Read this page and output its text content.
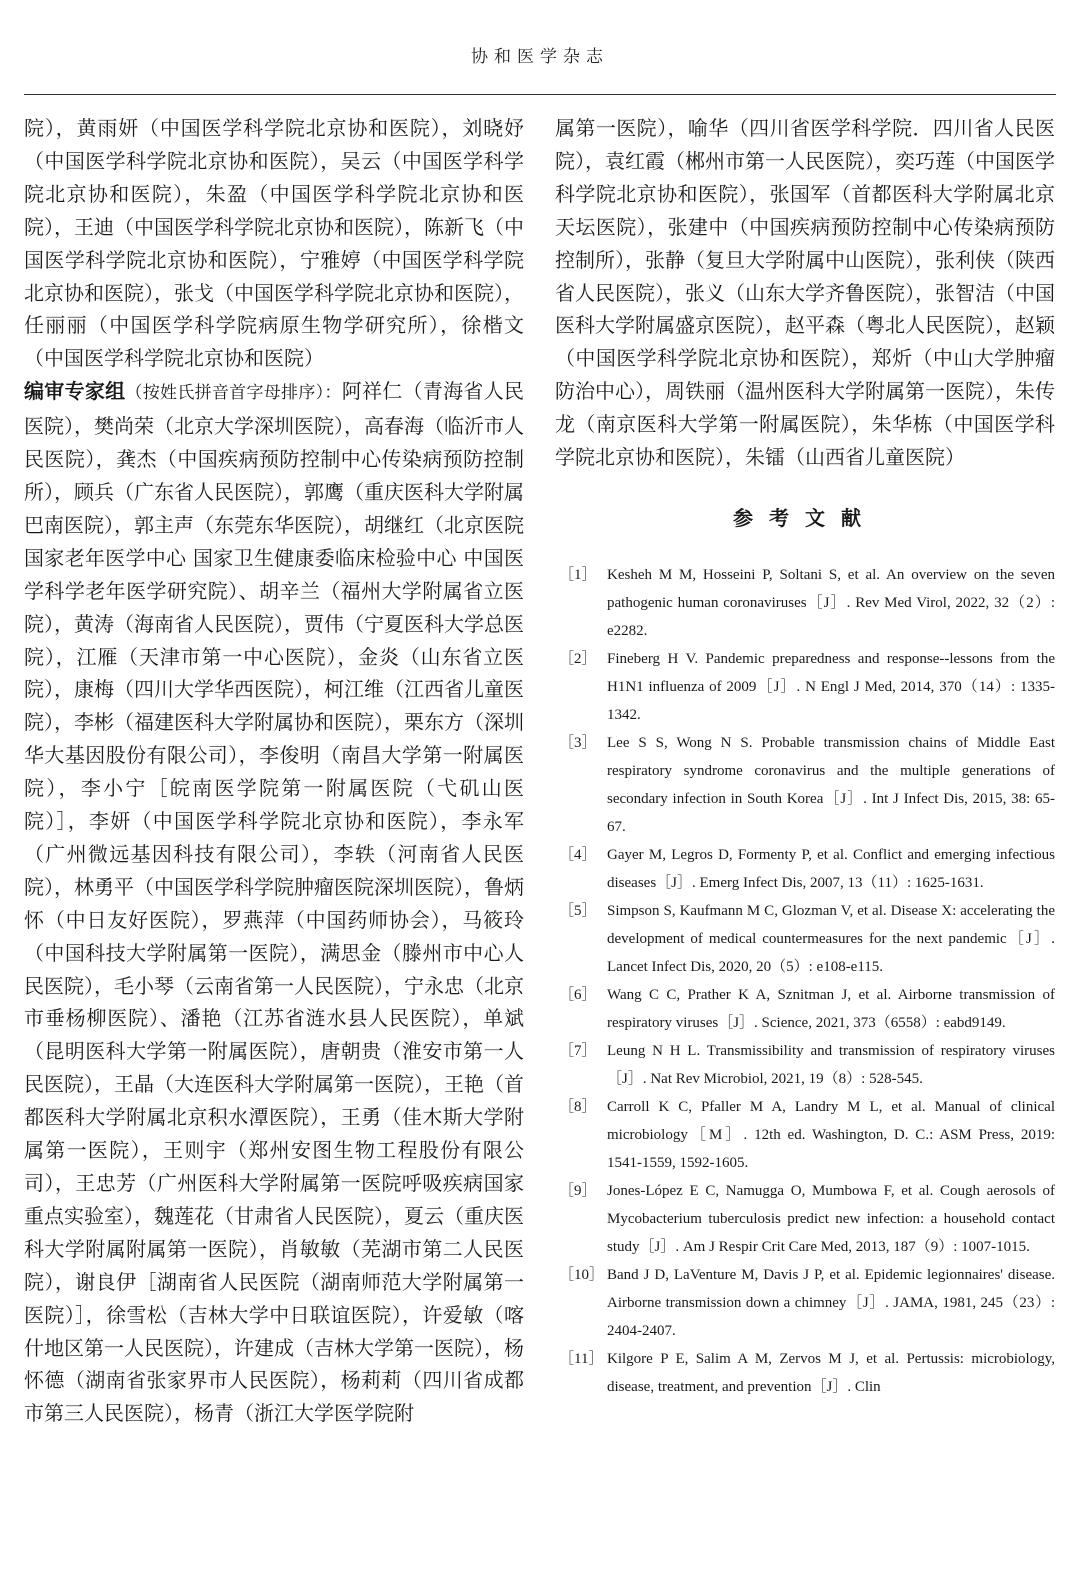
协和医学杂志
院），黄雨妍（中国医学科学院北京协和医院），刘晓妤（中国医学科学院北京协和医院），吴云（中国医学科学院北京协和医院），朱盈（中国医学科学院北京协和医院），王迪（中国医学科学院北京协和医院），陈新飞（中国医学科学院北京协和医院），宁雅婷（中国医学科学院北京协和医院），张戈（中国医学科学院北京协和医院），任丽丽（中国医学科学院病原生物学研究所），徐楷文（中国医学科学院北京协和医院）
编审专家组（按姓氏拼音首字母排序）：阿祥仁（青海省人民医院），樊尚荣（北京大学深圳医院），高春海（临沂市人民医院），龚杰（中国疾病预防控制中心传染病预防控制所），顾兵（广东省人民医院），郭鹰（重庆医科大学附属巴南医院），郭主声（东莞东华医院），胡继红（北京医院 国家老年医学中心 国家卫生健康委临床检验中心 中国医学科学老年医学研究院）、胡辛兰（福州大学附属省立医院），黄涛（海南省人民医院），贾伟（宁夏医科大学总医院），江雁（天津市第一中心医院），金炎（山东省立医院），康梅（四川大学华西医院），柯江维（江西省儿童医院），李彬（福建医科大学附属协和医院），栗东方（深圳华大基因股份有限公司），李俊明（南昌大学第一附属医院），李小宁［皖南医学院第一附属医院（弋矶山医院）］，李妍（中国医学科学院北京协和医院），李永军（广州微远基因科技有限公司），李轶（河南省人民医院），林勇平（中国医学科学院肿瘤医院深圳医院），鲁炳怀（中日友好医院），罗燕萍（中国药师协会），马筱玲（中国科技大学附属第一医院），满思金（滕州市中心人民医院），毛小琴（云南省第一人民医院），宁永忠（北京市垂杨柳医院）、潘艳（江苏省涟水县人民医院），单斌（昆明医科大学第一附属医院），唐朝贵（淮安市第一人民医院），王晶（大连医科大学附属第一医院），王艳（首都医科大学附属北京积水潭医院），王勇（佳木斯大学附属第一医院），王则宇（郑州安图生物工程股份有限公司），王忠芳（广州医科大学附属第一医院呼吸疾病国家重点实验室），魏莲花（甘肃省人民医院），夏云（重庆医科大学附属附属第一医院），肖敏敏（芜湖市第二人民医院），谢良伊［湖南省人民医院（湖南师范大学附属第一医院）］，徐雪松（吉林大学中日联谊医院），许爱敏（喀什地区第一人民医院），许建成（吉林大学第一医院），杨怀德（湖南省张家界市人民医院），杨莉莉（四川省成都市第三人民医院），杨青（浙江大学医学院附
属第一医院），喻华（四川省医学科学院．四川省人民医院），袁红霞（郴州市第一人民医院），奕巧莲（中国医学科学院北京协和医院），张国军（首都医科大学附属北京天坛医院），张建中（中国疾病预防控制中心传染病预防控制所），张静（复旦大学附属中山医院），张利侠（陕西省人民医院），张义（山东大学齐鲁医院），张智洁（中国医科大学附属盛京医院），赵平森（粤北人民医院），赵颖（中国医学科学院北京协和医院），郑炘（中山大学肿瘤防治中心），周铁丽（温州医科大学附属第一医院），朱传龙（南京医科大学第一附属医院），朱华栋（中国医学科学院北京协和医院），朱镭（山西省儿童医院）
参考文献
［1］ Kesheh M M, Hosseini P, Soltani S, et al. An overview on the seven pathogenic human coronaviruses［J］. Rev Med Virol, 2022, 32（2）: e2282.
［2］ Fineberg H V. Pandemic preparedness and response--lessons from the H1N1 influenza of 2009［J］. N Engl J Med, 2014, 370（14）: 1335-1342.
［3］ Lee S S, Wong N S. Probable transmission chains of Middle East respiratory syndrome coronavirus and the multiple generations of secondary infection in South Korea［J］. Int J Infect Dis, 2015, 38: 65-67.
［4］ Gayer M, Legros D, Formenty P, et al. Conflict and emerging infectious diseases［J］. Emerg Infect Dis, 2007, 13（11）: 1625-1631.
［5］ Simpson S, Kaufmann M C, Glozman V, et al. Disease X: accelerating the development of medical countermeasures for the next pandemic［J］. Lancet Infect Dis, 2020, 20（5）: e108-e115.
［6］ Wang C C, Prather K A, Sznitman J, et al. Airborne transmission of respiratory viruses［J］. Science, 2021, 373（6558）: eabd9149.
［7］ Leung N H L. Transmissibility and transmission of respiratory viruses［J］. Nat Rev Microbiol, 2021, 19（8）: 528-545.
［8］ Carroll K C, Pfaller M A, Landry M L, et al. Manual of clinical microbiology［M］. 12th ed. Washington, D. C.: ASM Press, 2019: 1541-1559, 1592-1605.
［9］ Jones-López E C, Namugga O, Mumbowa F, et al. Cough aerosols of Mycobacterium tuberculosis predict new infection: a household contact study［J］. Am J Respir Crit Care Med, 2013, 187（9）: 1007-1015.
［10］ Band J D, LaVenture M, Davis J P, et al. Epidemic legionnaires' disease. Airborne transmission down a chimney［J］. JAMA, 1981, 245（23）: 2404-2407.
［11］ Kilgore P E, Salim A M, Zervos M J, et al. Pertussis: microbiology, disease, treatment, and prevention［J］. Clin
